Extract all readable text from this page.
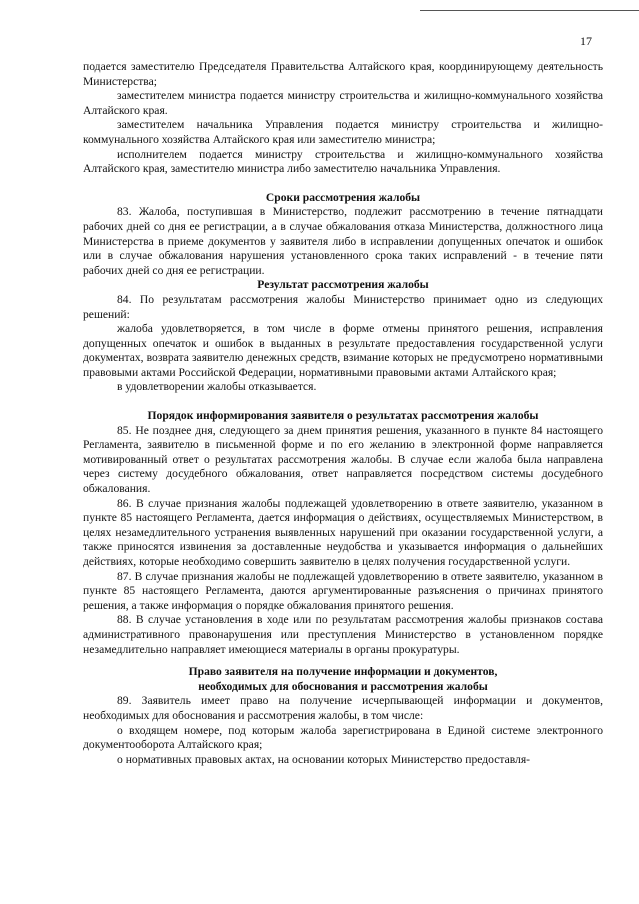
17

подается заместителю Председателя Правительства Алтайского края, координирующему деятельность Министерства;

заместителем министра подается министру строительства и жилищно-коммунального хозяйства Алтайского края.

заместителем начальника Управления подается министру строительства и жилищно-коммунального хозяйства Алтайского края или заместителю министра;

исполнителем подается министру строительства и жилищно-коммунального хозяйства Алтайского края, заместителю министра либо заместителю начальника Управления.

Сроки рассмотрения жалобы

83. Жалоба, поступившая в Министерство, подлежит рассмотрению в течение пятнадцати рабочих дней со дня ее регистрации, а в случае обжалования отказа Министерства, должностного лица Министерства в приеме документов у заявителя либо в исправлении допущенных опечаток и ошибок или в случае обжалования нарушения установленного срока таких исправлений - в течение пяти рабочих дней со дня ее регистрации.

Результат рассмотрения жалобы

84. По результатам рассмотрения жалобы Министерство принимает одно из следующих решений:

жалоба удовлетворяется, в том числе в форме отмены принятого решения, исправления допущенных опечаток и ошибок в выданных в результате предоставления государственной услуги документах, возврата заявителю денежных средств, взимание которых не предусмотрено нормативными правовыми актами Российской Федерации, нормативными правовыми актами Алтайского края;

в удовлетворении жалобы отказывается.

Порядок информирования заявителя о результатах рассмотрения жалобы

85. Не позднее дня, следующего за днем принятия решения, указанного в пункте 84 настоящего Регламента, заявителю в письменной форме и по его желанию в электронной форме направляется мотивированный ответ о результатах рассмотрения жалобы. В случае если жалоба была направлена через систему досудебного обжалования, ответ направляется посредством системы досудебного обжалования.

86. В случае признания жалобы подлежащей удовлетворению в ответе заявителю, указанном в пункте 85 настоящего Регламента, дается информация о действиях, осуществляемых Министерством, в целях незамедлительного устранения выявленных нарушений при оказании государственной услуги, а также приносятся извинения за доставленные неудобства и указывается информация о дальнейших действиях, которые необходимо совершить заявителю в целях получения государственной услуги.

87. В случае признания жалобы не подлежащей удовлетворению в ответе заявителю, указанном в пункте 85 настоящего Регламента, даются аргументированные разъяснения о причинах принятого решения, а также информация о порядке обжалования принятого решения.

88. В случае установления в ходе или по результатам рассмотрения жалобы признаков состава административного правонарушения или преступления Министерство в установленном порядке незамедлительно направляет имеющиеся материалы в органы прокуратуры.

Право заявителя на получение информации и документов,
необходимых для обоснования и рассмотрения жалобы

89. Заявитель имеет право на получение исчерпывающей информации и документов, необходимых для обоснования и рассмотрения жалобы, в том числе:

о входящем номере, под которым жалоба зарегистрирована в Единой системе электронного документооборота Алтайского края;

о нормативных правовых актах, на основании которых Министерство предоставля-
